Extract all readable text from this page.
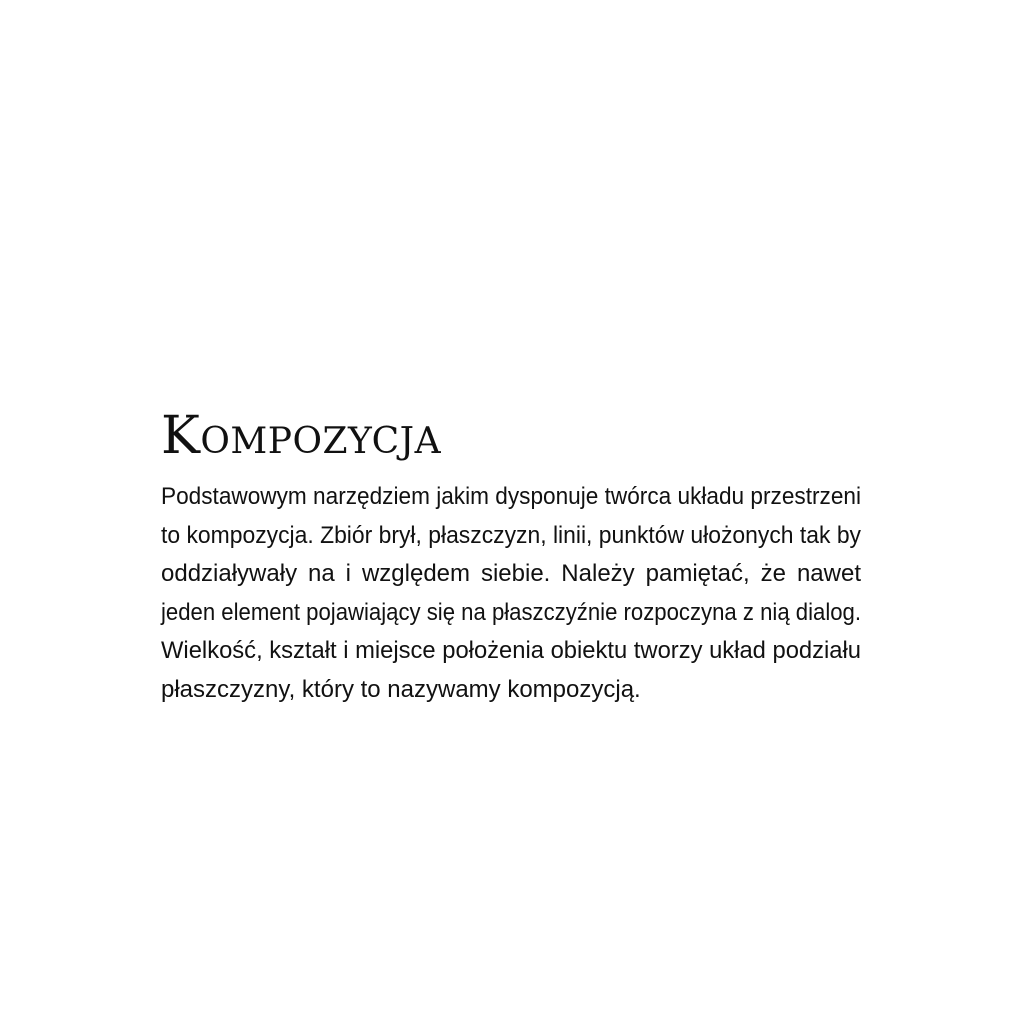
Kompozycja
Podstawowym narzędziem jakim dysponuje twórca układu przestrzeni
to kompozycja. Zbiór brył, płaszczyzn, linii, punktów ułożonych tak by
oddziaływały na i względem siebie. Należy pamiętać, że nawet
jeden element pojawiający się na płaszczyźnie rozpoczyna z nią dialog.
Wielkość, kształt i miejsce położenia obiektu tworzy układ podziału
płaszczyzny, który to nazywamy kompozycją.
